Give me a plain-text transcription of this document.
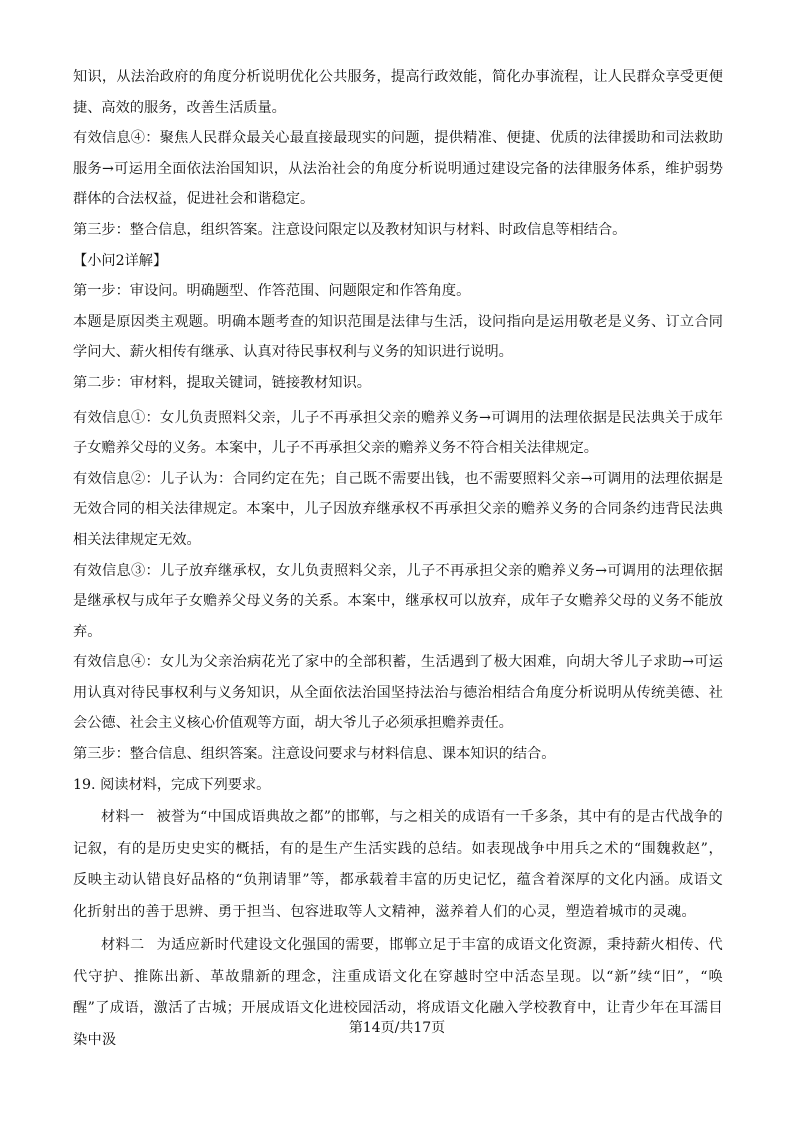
知识，从法治政府的角度分析说明优化公共服务，提高行政效能，简化办事流程，让人民群众享受更便捷、高效的服务，改善生活质量。

有效信息④：聚焦人民群众最关心最直接最现实的问题，提供精准、便捷、优质的法律援助和司法救助服务→可运用全面依法治国知识，从法治社会的角度分析说明通过建设完备的法律服务体系，维护弱势群体的合法权益，促进社会和谐稳定。

第三步：整合信息，组织答案。注意设问限定以及教材知识与材料、时政信息等相结合。

【小问2详解】

第一步：审设问。明确题型、作答范围、问题限定和作答角度。

本题是原因类主观题。明确本题考查的知识范围是法律与生活，设问指向是运用敬老是义务、订立合同学问大、薪火相传有继承、认真对待民事权利与义务的知识进行说明。

第二步：审材料，提取关键词，链接教材知识。

有效信息①：女儿负责照料父亲，儿子不再承担父亲的赡养义务→可调用的法理依据是民法典关于成年子女赡养父母的义务。本案中，儿子不再承担父亲的赡养义务不符合相关法律规定。

有效信息②：儿子认为：合同约定在先；自己既不需要出钱，也不需要照料父亲→可调用的法理依据是无效合同的相关法律规定。本案中，儿子因放弃继承权不再承担父亲的赡养义务的合同条约违背民法典相关法律规定无效。

有效信息③：儿子放弃继承权，女儿负责照料父亲，儿子不再承担父亲的赡养义务→可调用的法理依据是继承权与成年子女赡养父母义务的关系。本案中，继承权可以放弃，成年子女赡养父母的义务不能放弃。

有效信息④：女儿为父亲治病花光了家中的全部积蓄，生活遇到了极大困难，向胡大爷儿子求助→可运用认真对待民事权利与义务知识，从全面依法治国坚持法治与德治相结合角度分析说明从传统美德、社会公德、社会主义核心价值观等方面，胡大爷儿子必须承担赡养责任。

第三步：整合信息、组织答案。注意设问要求与材料信息、课本知识的结合。

19. 阅读材料，完成下列要求。

材料一 被誉为“中国成语典故之都”的邯郸，与之相关的成语有一千多条，其中有的是古代战争的记叙，有的是历史史实的概括，有的是生产生活实践的总结。如表现战争中用兵之术的“围魏救赵”，反映主动认错良好品格的“负荆请罪”等，都承载着丰富的历史记忆，蕴含着深厚的文化内涵。成语文化折射出的善于思辨、勇于担当、包容进取等人文精神，滋养着人们的心灵，塑造着城市的灵魂。

材料二 为适应新时代建设文化强国的需要，邯郸立足于丰富的成语文化资源，秉持薪火相传、代代守护、推陈出新、革故鼎新的理念，注重成语文化在穿越时空中活态呈现。以“新”续“旧”，“唤醒”了成语，激活了古城；开展成语文化进校园活动，将成语文化融入学校教育中，让青少年在耳濡目染中汲

第14页/共17页
